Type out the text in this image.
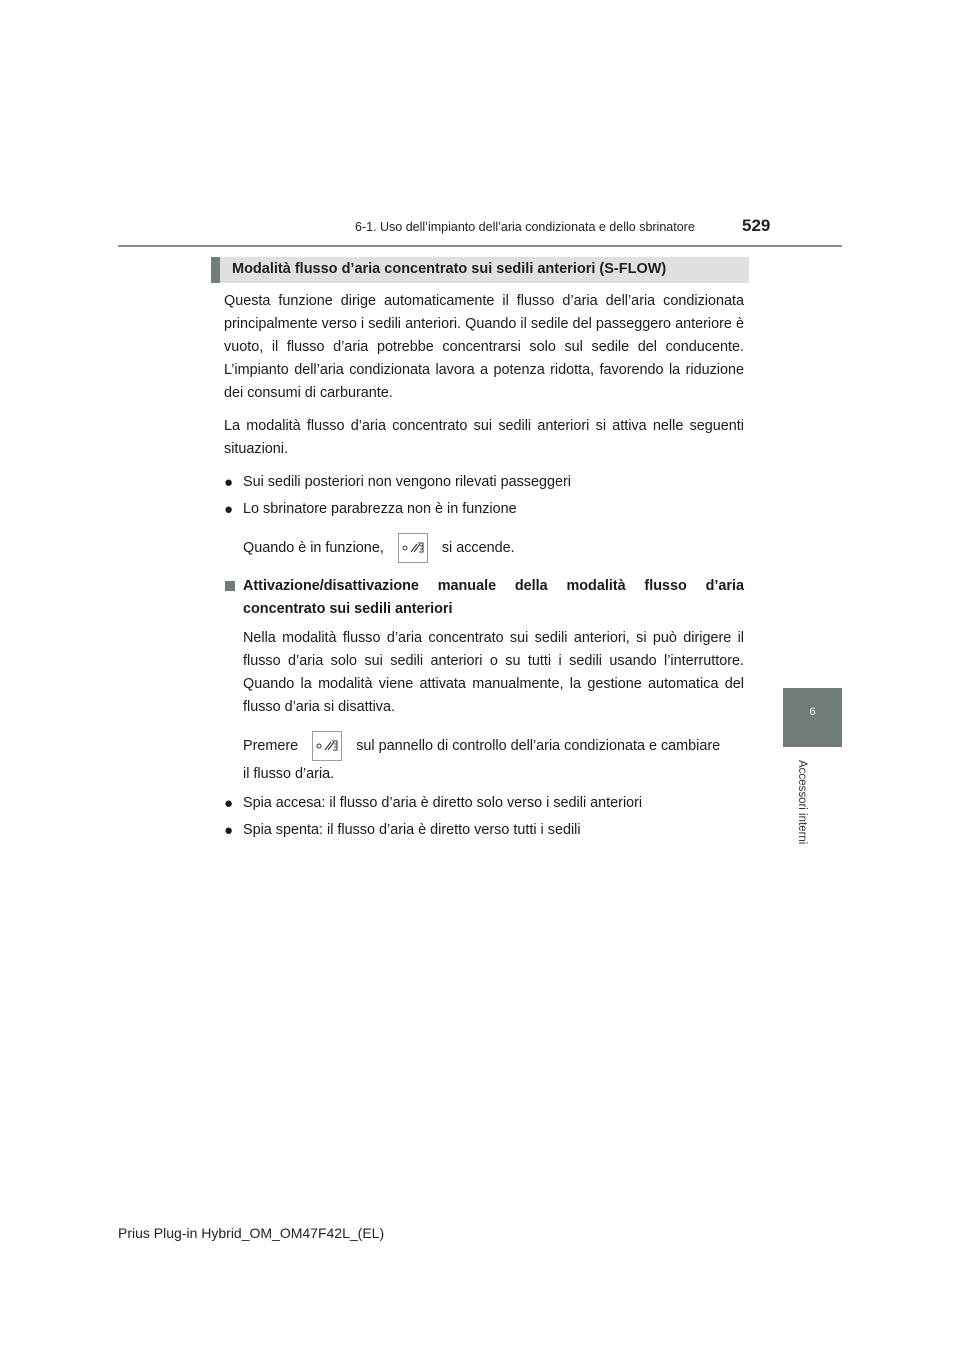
6-1. Uso dell’impianto dell’aria condizionata e dello sbrinatore	529
6
Accessori interni
Modalità flusso d’aria concentrato sui sedili anteriori (S-FLOW)

Questa funzione dirige automaticamente il flusso d’aria dell’aria condizionata principalmente verso i sedili anteriori. Quando il sedile del passeggero anteriore è vuoto, il flusso d’aria potrebbe concentrarsi solo sul sedile del conducente. L’impianto dell’aria condizionata lavora a potenza ridotta, favorendo la riduzione dei consumi di carburante.

La modalità flusso d’aria concentrato sui sedili anteriori si attiva nelle seguenti situazioni.

● Sui sedili posteriori non vengono rilevati passeggeri
● Lo sbrinatore parabrezza non è in funzione
Quando è in funzione,	si accende.
Attivazione/disattivazione manuale della modalità flusso d’aria concentrato sui sedili anteriori

Nella modalità flusso d’aria concentrato sui sedili anteriori, si può dirigere il flusso d’aria solo sui sedili anteriori o su tutti i sedili usando l’interruttore. Quando la modalità viene attivata manualmente, la gestione automatica del flusso d’aria si disattiva.

Premere	sul pannello di controllo dell’aria condizionata e cambiare

il flusso d’aria.

● Spia accesa: il flusso d’aria è diretto solo verso i sedili anteriori
● Spia spenta: il flusso d’aria è diretto verso tutti i sedili
Prius Plug-in Hybrid_OM_OM47F42L_(EL)
